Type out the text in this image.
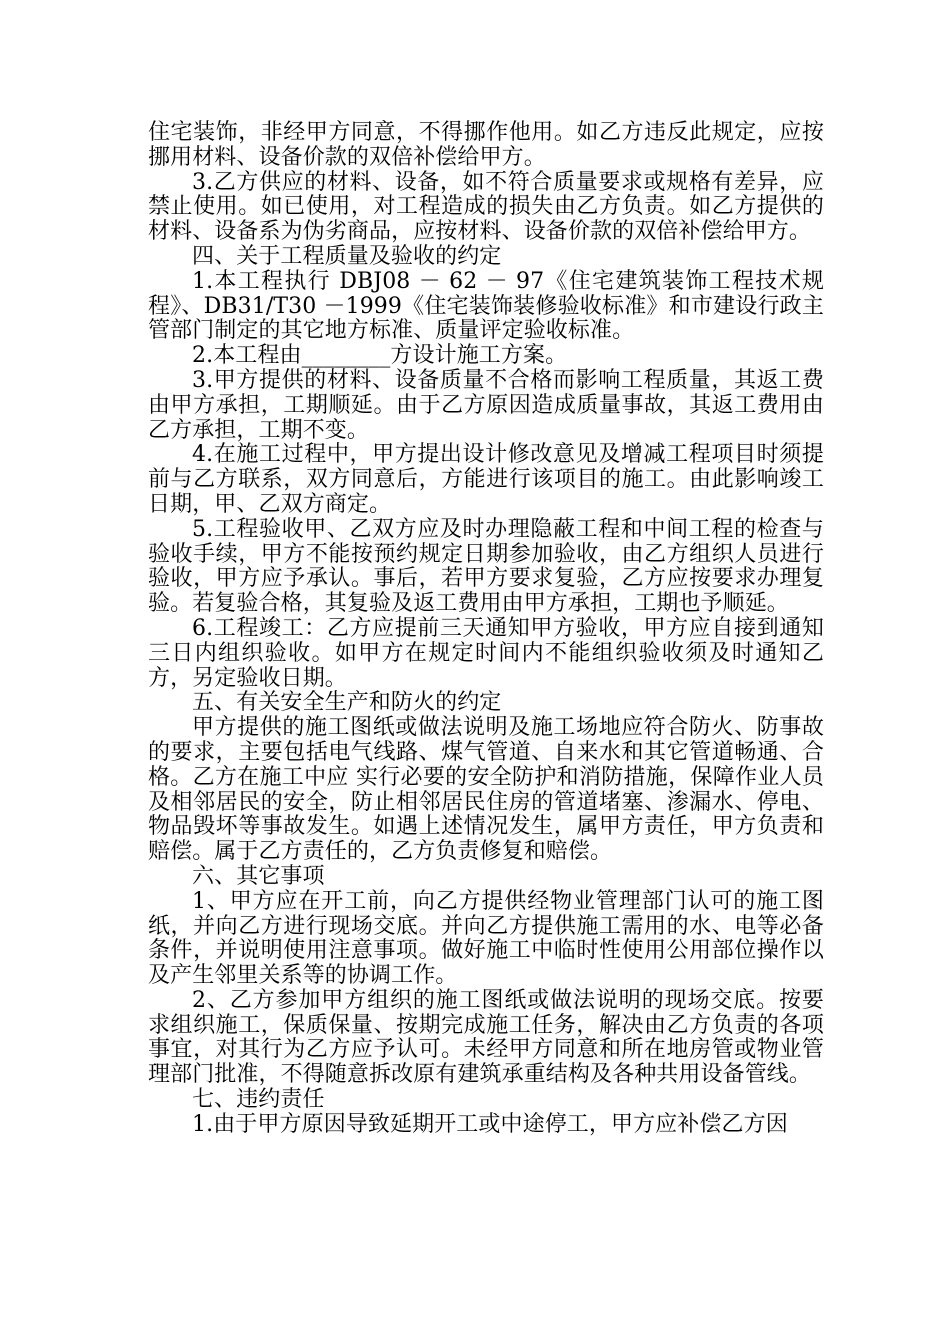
住宅装饰，非经甲方同意，不得挪作他用。如乙方违反此规定，应按挪用材料、设备价款的双倍补偿给甲方。

3.乙方供应的材料、设备，如不符合质量要求或规格有差异，应禁止使用。如已使用，对工程造成的损失由乙方负责。如乙方提供的材料、设备系为伪劣商品，应按材料、设备价款的双倍补偿给甲方。

四、关于工程质量及验收的约定

1.本工程执行 DBJ08 － 62 － 97《住宅建筑装饰工程技术规程》、DB31/T30 －1999《住宅装饰装修验收标准》和市建设行政主管部门制定的其它地方标准、质量评定验收标准。

2.本工程由________方设计施工方案。

3.甲方提供的材料、设备质量不合格而影响工程质量，其返工费由甲方承担，工期顺延。由于乙方原因造成质量事故，其返工费用由乙方承担，工期不变。

4.在施工过程中，甲方提出设计修改意见及增减工程项目时须提前与乙方联系，双方同意后，方能进行该项目的施工。由此影响竣工日期，甲、乙双方商定。

5.工程验收甲、乙双方应及时办理隐蔽工程和中间工程的检查与验收手续，甲方不能按预约规定日期参加验收，由乙方组织人员进行验收，甲方应予承认。事后，若甲方要求复验，乙方应按要求办理复验。若复验合格，其复验及返工费用由甲方承担，工期也予顺延。

6.工程竣工：乙方应提前三天通知甲方验收，甲方应自接到通知三日内组织验收。如甲方在规定时间内不能组织验收须及时通知乙方，另定验收日期。

五、有关安全生产和防火的约定

甲方提供的施工图纸或做法说明及施工场地应符合防火、防事故的要求，主要包括电气线路、煤气管道、自来水和其它管道畅通、合格。乙方在施工中应 实行必要的安全防护和消防措施，保障作业人员及相邻居民的安全，防止相邻居民住房的管道堵塞、渗漏水、停电、物品毁坏等事故发生。如遇上述情况发生，属甲方责任，甲方负责和赔偿。属于乙方责任的，乙方负责修复和赔偿。

六、其它事项

1、甲方应在开工前，向乙方提供经物业管理部门认可的施工图纸，并向乙方进行现场交底。并向乙方提供施工需用的水、电等必备条件，并说明使用注意事项。做好施工中临时性使用公用部位操作以及产生邻里关系等的协调工作。

2、乙方参加甲方组织的施工图纸或做法说明的现场交底。按要求组织施工，保质保量、按期完成施工任务，解决由乙方负责的各项事宜，对其行为乙方应予认可。未经甲方同意和所在地房管或物业管理部门批准，不得随意拆改原有建筑承重结构及各种共用设备管线。

七、违约责任

1.由于甲方原因导致延期开工或中途停工，甲方应补偿乙方因
